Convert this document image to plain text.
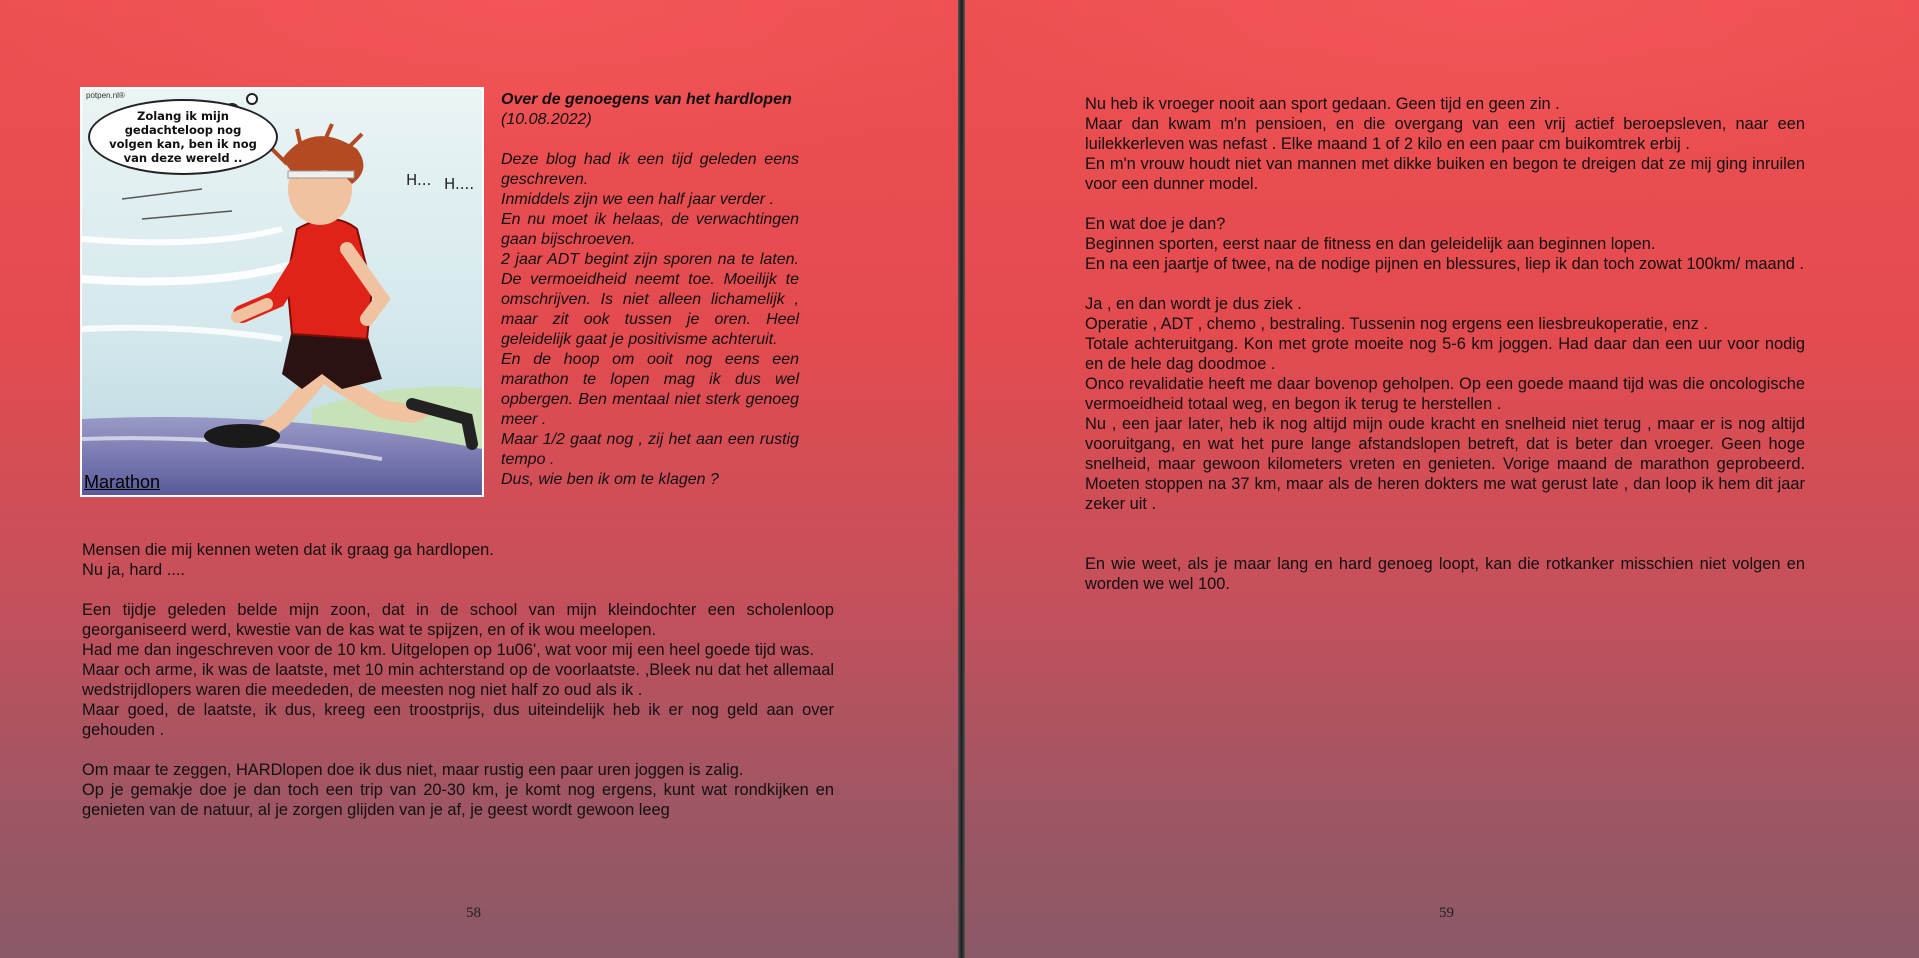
potpen.nl®
Zolang ik mijn gedachteloop nog volgen kan, ben ik nog van deze wereld ..
H... H....
Marathon
Over de genoegens van het hardlopen
(10.08.2022)
Deze blog had ik een tijd geleden eens geschreven.
Inmiddels zijn we een half jaar verder .
En nu moet ik helaas, de verwachtingen gaan bijschroeven.
2 jaar ADT begint zijn sporen na te laten. De vermoeidheid neemt toe. Moeilijk te omschrijven. Is niet alleen lichamelijk , maar zit ook tussen je oren. Heel geleidelijk gaat je positivisme achteruit.
En de hoop om ooit nog eens een marathon te lopen mag ik dus wel opbergen. Ben mentaal niet sterk genoeg meer .
Maar 1/2 gaat nog , zij het aan een rustig tempo .
Dus, wie ben ik om te klagen ?

Mensen die mij kennen weten dat ik graag ga hardlopen.
Nu ja, hard ....

Een tijdje geleden belde mijn zoon, dat in de school van mijn kleindochter een scholenloop georganiseerd werd, kwestie van de kas wat te spijzen, en of ik wou meelopen.
Had me dan ingeschreven voor de 10 km. Uitgelopen op 1u06', wat voor mij een heel goede tijd was.
Maar och arme, ik was de laatste, met 10 min achterstand op de voorlaatste. ,Bleek nu dat het allemaal wedstrijdlopers waren die meededen, de meesten nog niet half zo oud als ik .
Maar goed, de laatste, ik dus, kreeg een troostprijs, dus uiteindelijk heb ik er nog geld aan over gehouden .

Om maar te zeggen, HARDlopen doe ik dus niet, maar rustig een paar uren joggen is zalig.
Op je gemakje doe je dan toch een trip van 20-30 km, je komt nog ergens, kunt wat rondkijken en genieten van de natuur, al je zorgen glijden van je af, je geest wordt gewoon leeg

58

Nu heb ik vroeger nooit aan sport gedaan. Geen tijd en geen zin .
Maar dan kwam m'n pensioen, en die overgang van een vrij actief beroepsleven, naar een luilekkerleven was nefast . Elke maand 1 of 2 kilo en een paar cm buikomtrek erbij .
En m'n vrouw houdt niet van mannen met dikke buiken en begon te dreigen dat ze mij ging inruilen voor een dunner model.

En wat doe je dan?
Beginnen sporten, eerst naar de fitness en dan geleidelijk aan beginnen lopen.
En na een jaartje of twee, na de nodige pijnen en blessures, liep ik dan toch zowat 100km/ maand .

Ja , en dan wordt je dus ziek .
Operatie , ADT , chemo , bestraling. Tussenin nog ergens een liesbreukoperatie, enz .
Totale achteruitgang. Kon met grote moeite nog 5-6 km joggen. Had daar dan een uur voor nodig en de hele dag doodmoe .
Onco revalidatie heeft me daar bovenop geholpen. Op een goede maand tijd was die oncologische vermoeidheid totaal weg, en begon ik terug te herstellen .
Nu , een jaar later, heb ik nog altijd mijn oude kracht en snelheid niet terug , maar er is nog altijd vooruitgang, en wat het pure lange afstandslopen betreft, dat is beter dan vroeger. Geen hoge snelheid, maar gewoon kilometers vreten en genieten. Vorige maand de marathon geprobeerd. Moeten stoppen na 37 km, maar als de heren dokters me wat gerust late , dan loop ik hem dit jaar zeker uit .

En wie weet, als je maar lang en hard genoeg loopt, kan die rotkanker misschien niet volgen en worden we wel 100.

59
